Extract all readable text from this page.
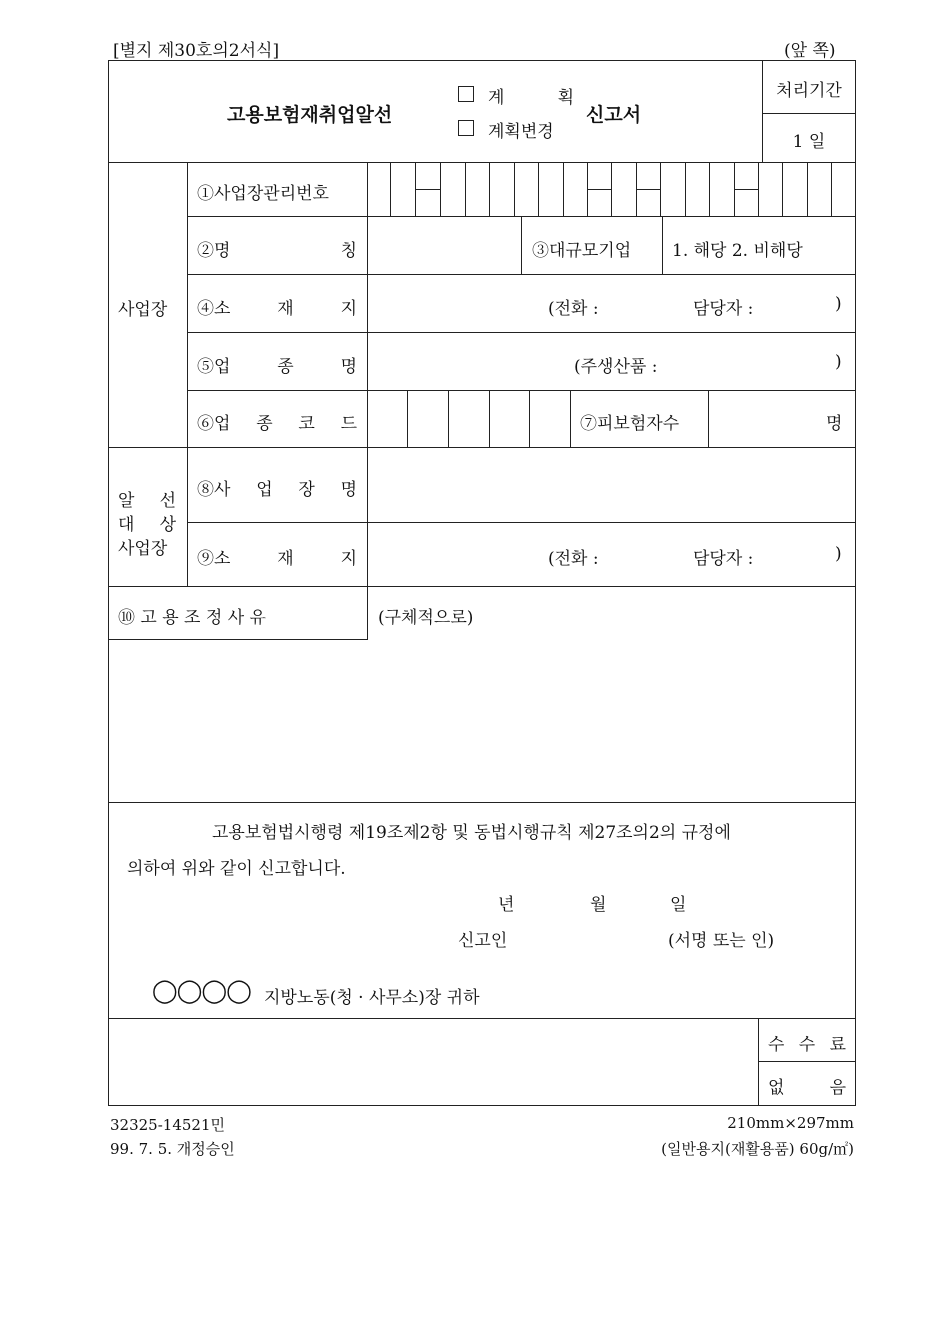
[별지 제30호의2서식]	(앞 쪽)
고용보험재취업알선
계	획
계획변경
신고서
처리기간
1 일
사업장
①사업장관리번호
②명	칭	③대규모기업 1. 해당 2. 비해당
④소	재	지	(전화 :	담당자 :	)
⑤업	종	명	(주생산품 :	)
⑥업 종 코 드	⑦피보험자수	명
알 선
대 상
사업장
⑧사 업 장 명
⑨소	재	지	(전화 :	담당자 :	)
⑩ 고 용 조 정 사 유	(구체적으로)
고용보험법시행령 제19조제2항 및 동법시행규칙 제27조의2의 규정에
의하여 위와 같이 신고합니다.
년	월	일
신고인	(서명 또는 인)
◯◯◯◯ 지방노동(청 · 사무소)장 귀하
수 수 료
없	음
32325-14521민
99. 7. 5. 개정승인
210mm×297mm
(일반용지(재활용품) 60g/㎡)
